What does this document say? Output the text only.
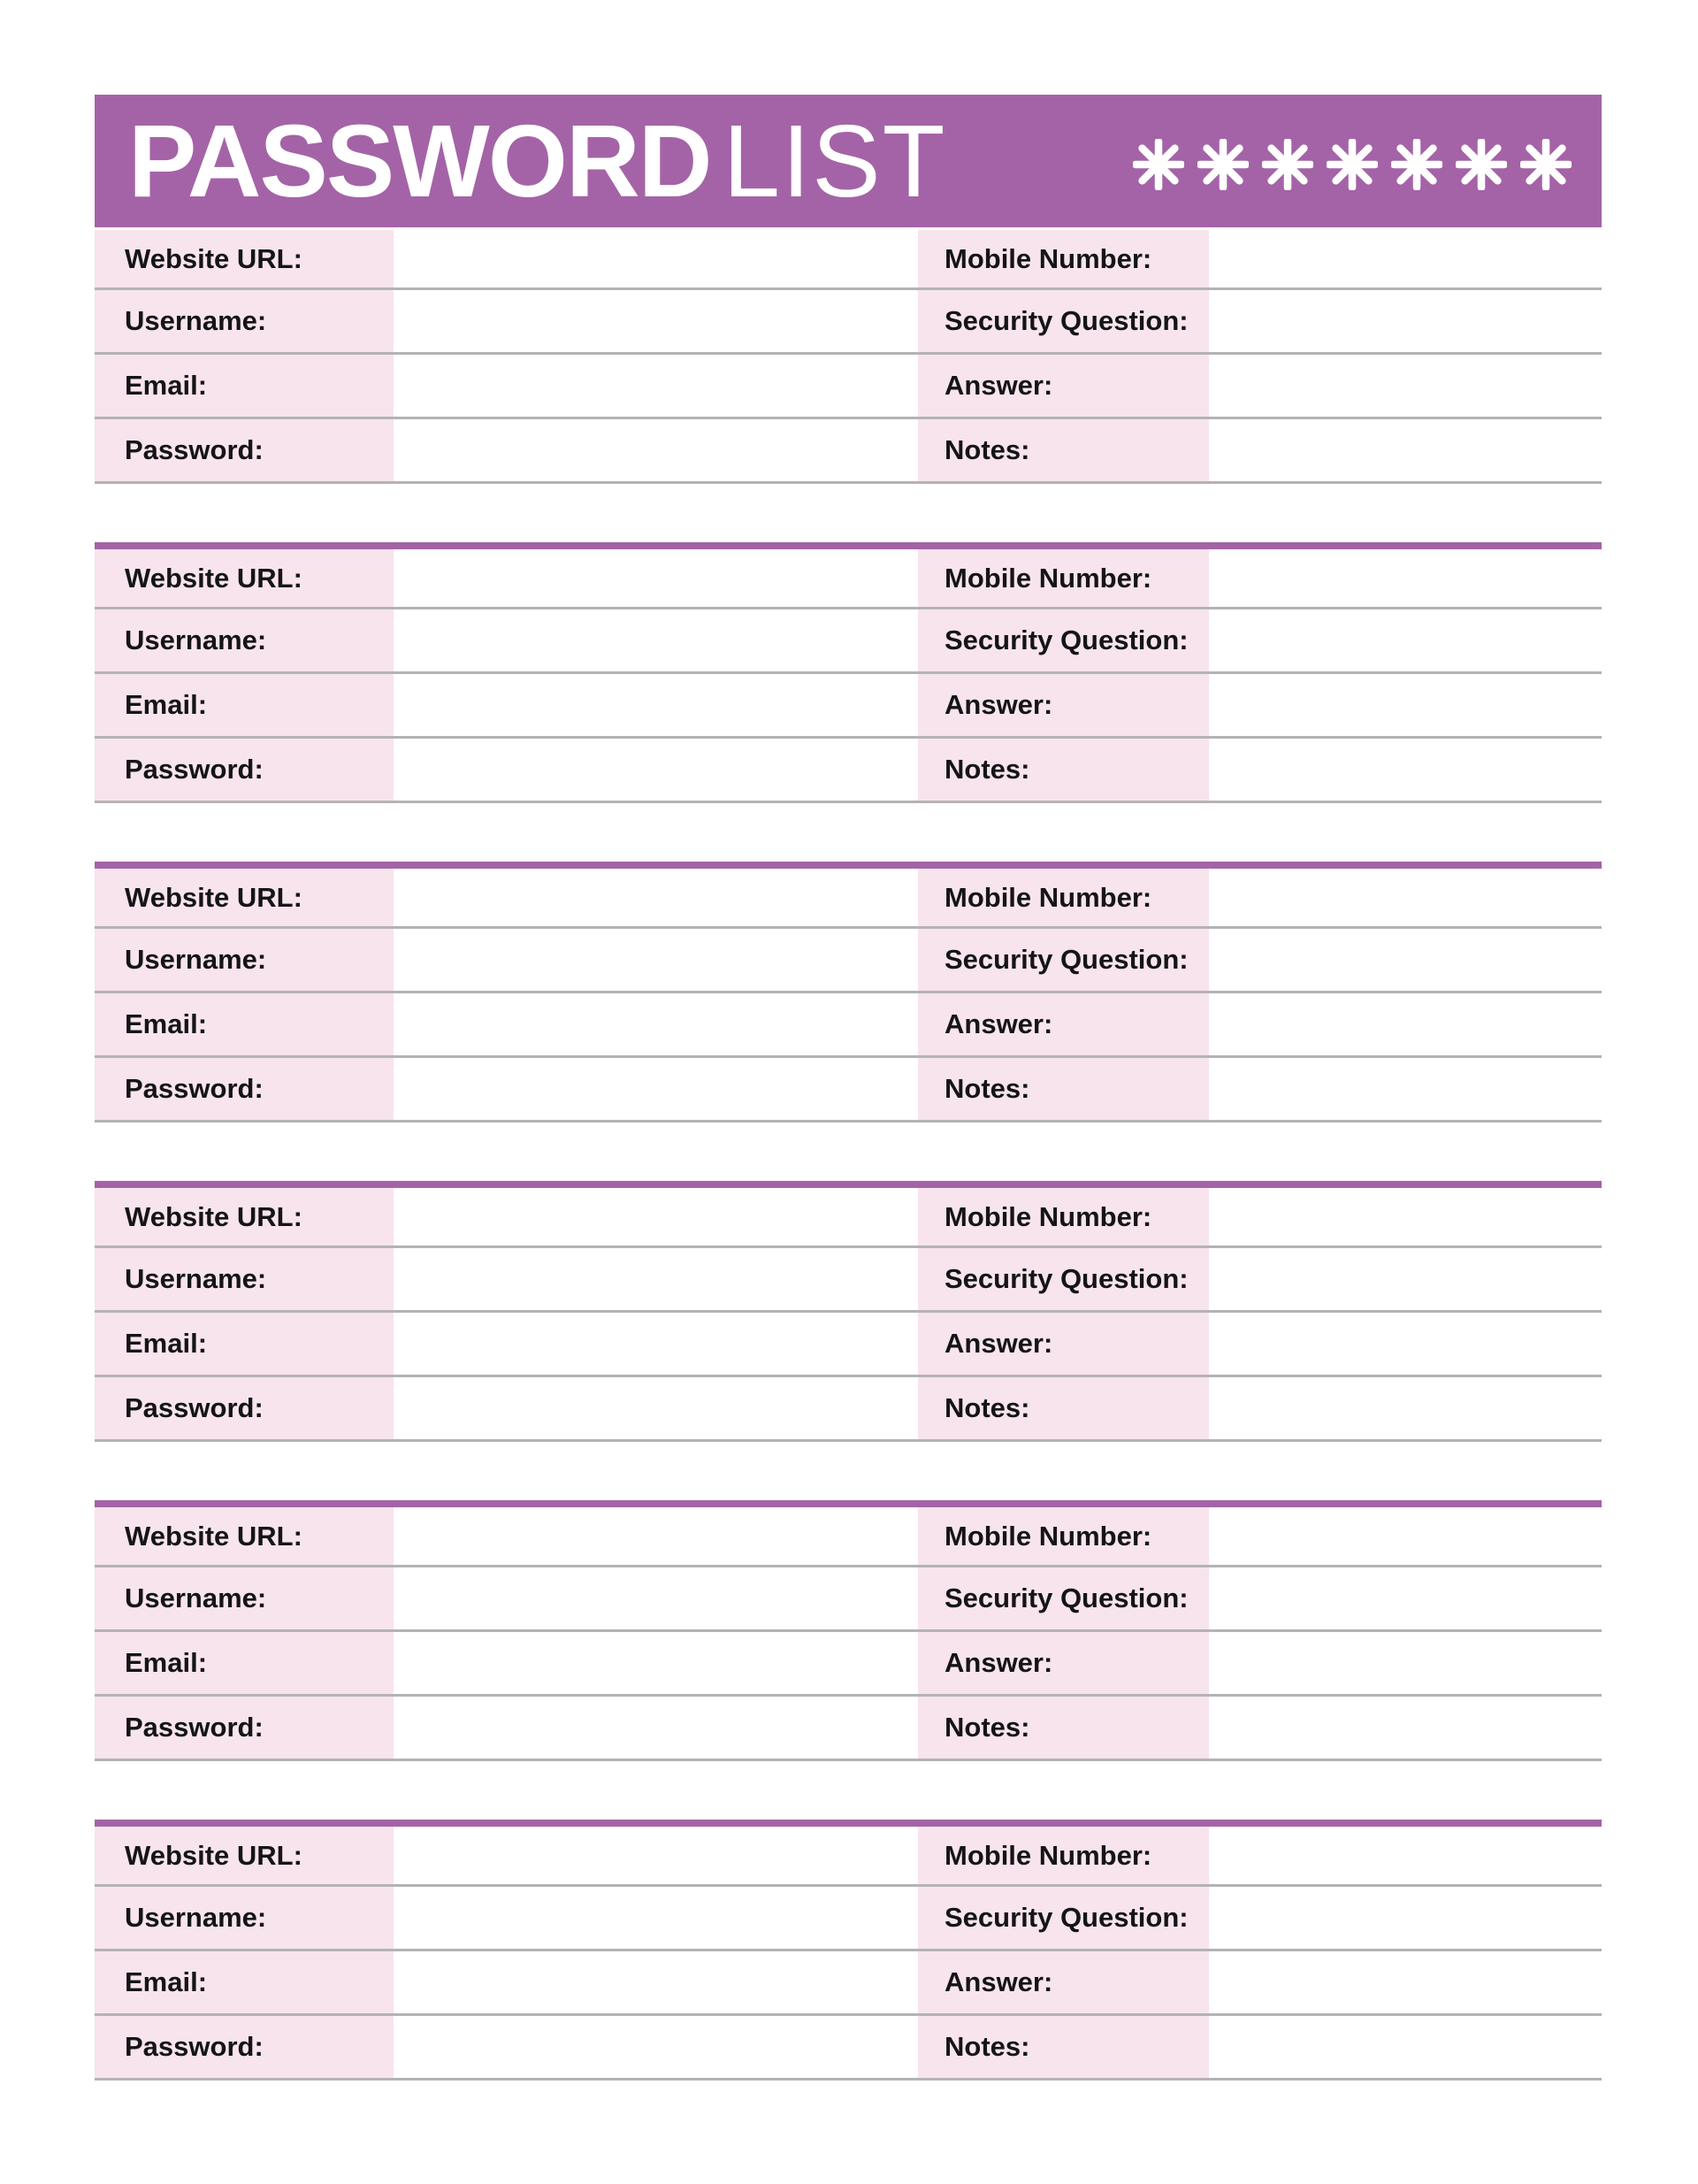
PASSWORD LIST
Website URL:	Mobile Number:
Username:	Security Question:
Email:	Answer:
Password:	Notes:
Website URL:	Mobile Number:
Username:	Security Question:
Email:	Answer:
Password:	Notes:
Website URL:	Mobile Number:
Username:	Security Question:
Email:	Answer:
Password:	Notes:
Website URL:	Mobile Number:
Username:	Security Question:
Email:	Answer:
Password:	Notes:
Website URL:	Mobile Number:
Username:	Security Question:
Email:	Answer:
Password:	Notes:
Website URL:	Mobile Number:
Username:	Security Question:
Email:	Answer:
Password:	Notes:
